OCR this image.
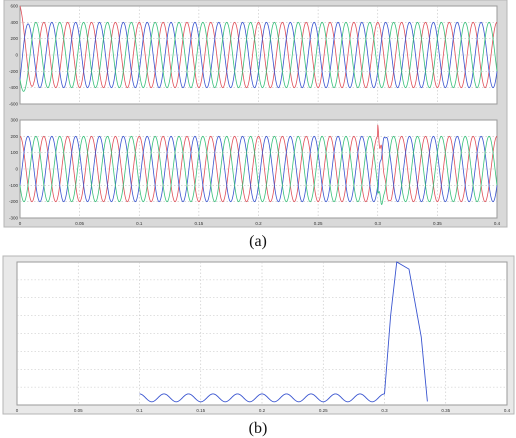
-600
-400
-200
0
200
400
600
0	0.05	0.1	0.15	0.2	0.25	0.3	0.35	0.4
-300
-200
-100
0
100
200
300
0	0.05	0.1	0.15	0.2	0.25	0.3	0.35	0.4
(a)
(b)
